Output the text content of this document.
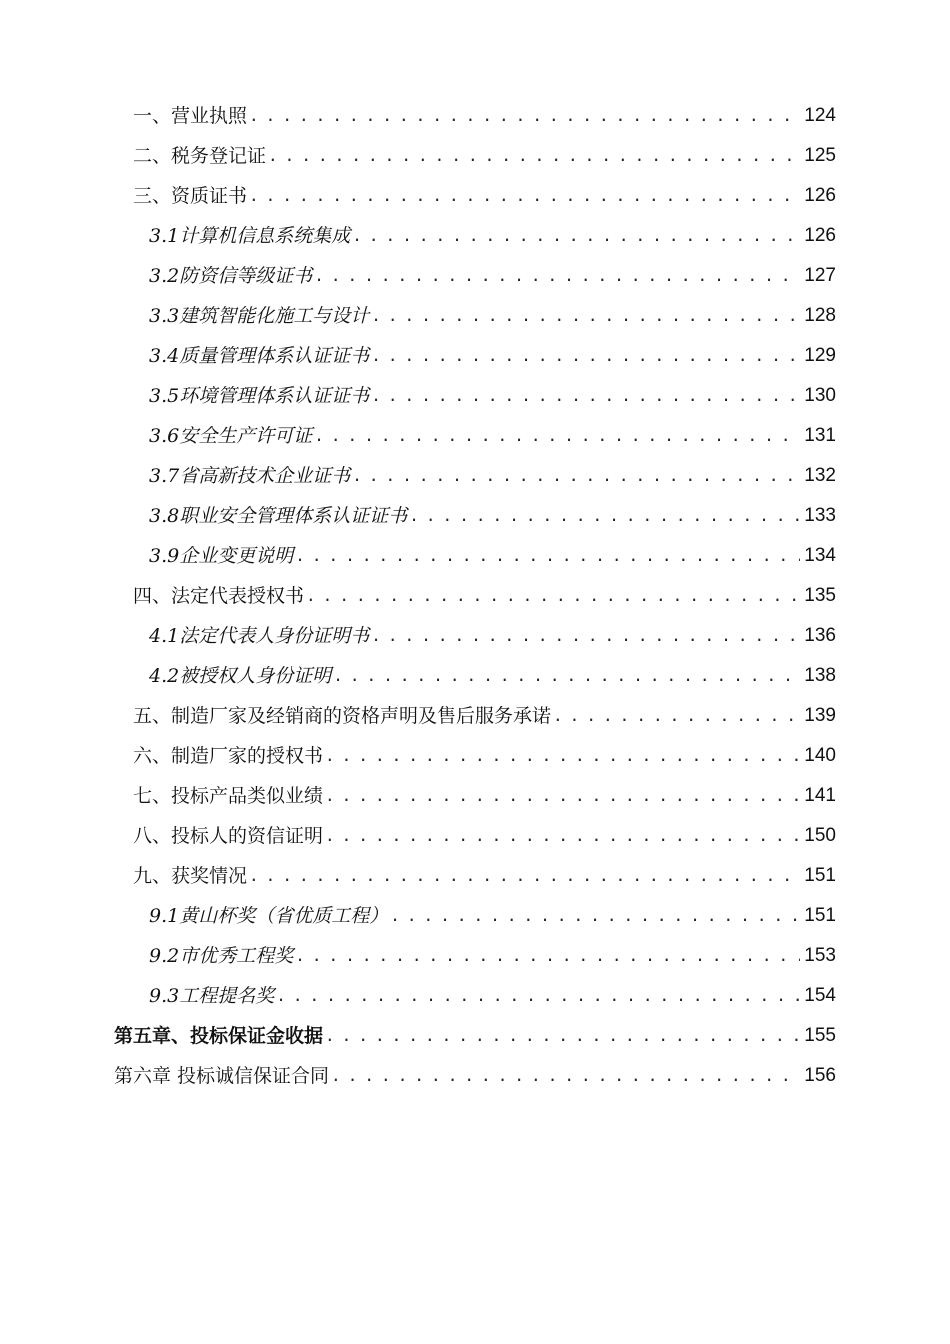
一、营业执照 . . .	124
二、税务登记证 . . .	125
三、资质证书 . . .	126
3.1计算机信息系统集成 . . .	126
3.2防资信等级证书 . . .	127
3.3建筑智能化施工与设计 . . .	128
3.4质量管理体系认证证书 . . .	129
3.5环境管理体系认证证书 . . .	130
3.6安全生产许可证 . . .	131
3.7省高新技术企业证书 . . .	132
3.8职业安全管理体系认证证书 . . .	133
3.9企业变更说明 . . .	134
四、法定代表授权书 . . .	135
4.1法定代表人身份证明书 . . .	136
4.2被授权人身份证明 . . .	138
五、制造厂家及经销商的资格声明及售后服务承诺 . . .	139
六、制造厂家的授权书 . . .	140
七、投标产品类似业绩 . . .	141
八、投标人的资信证明 . . .	150
九、获奖情况 . . .	151
9.1黄山杯奖（省优质工程） . . .	151
9.2市优秀工程奖 . . .	153
9.3工程提名奖 . . .	154
第五章、投标保证金收据 . . .	155
第六章 投标诚信保证合同 . . .	156
